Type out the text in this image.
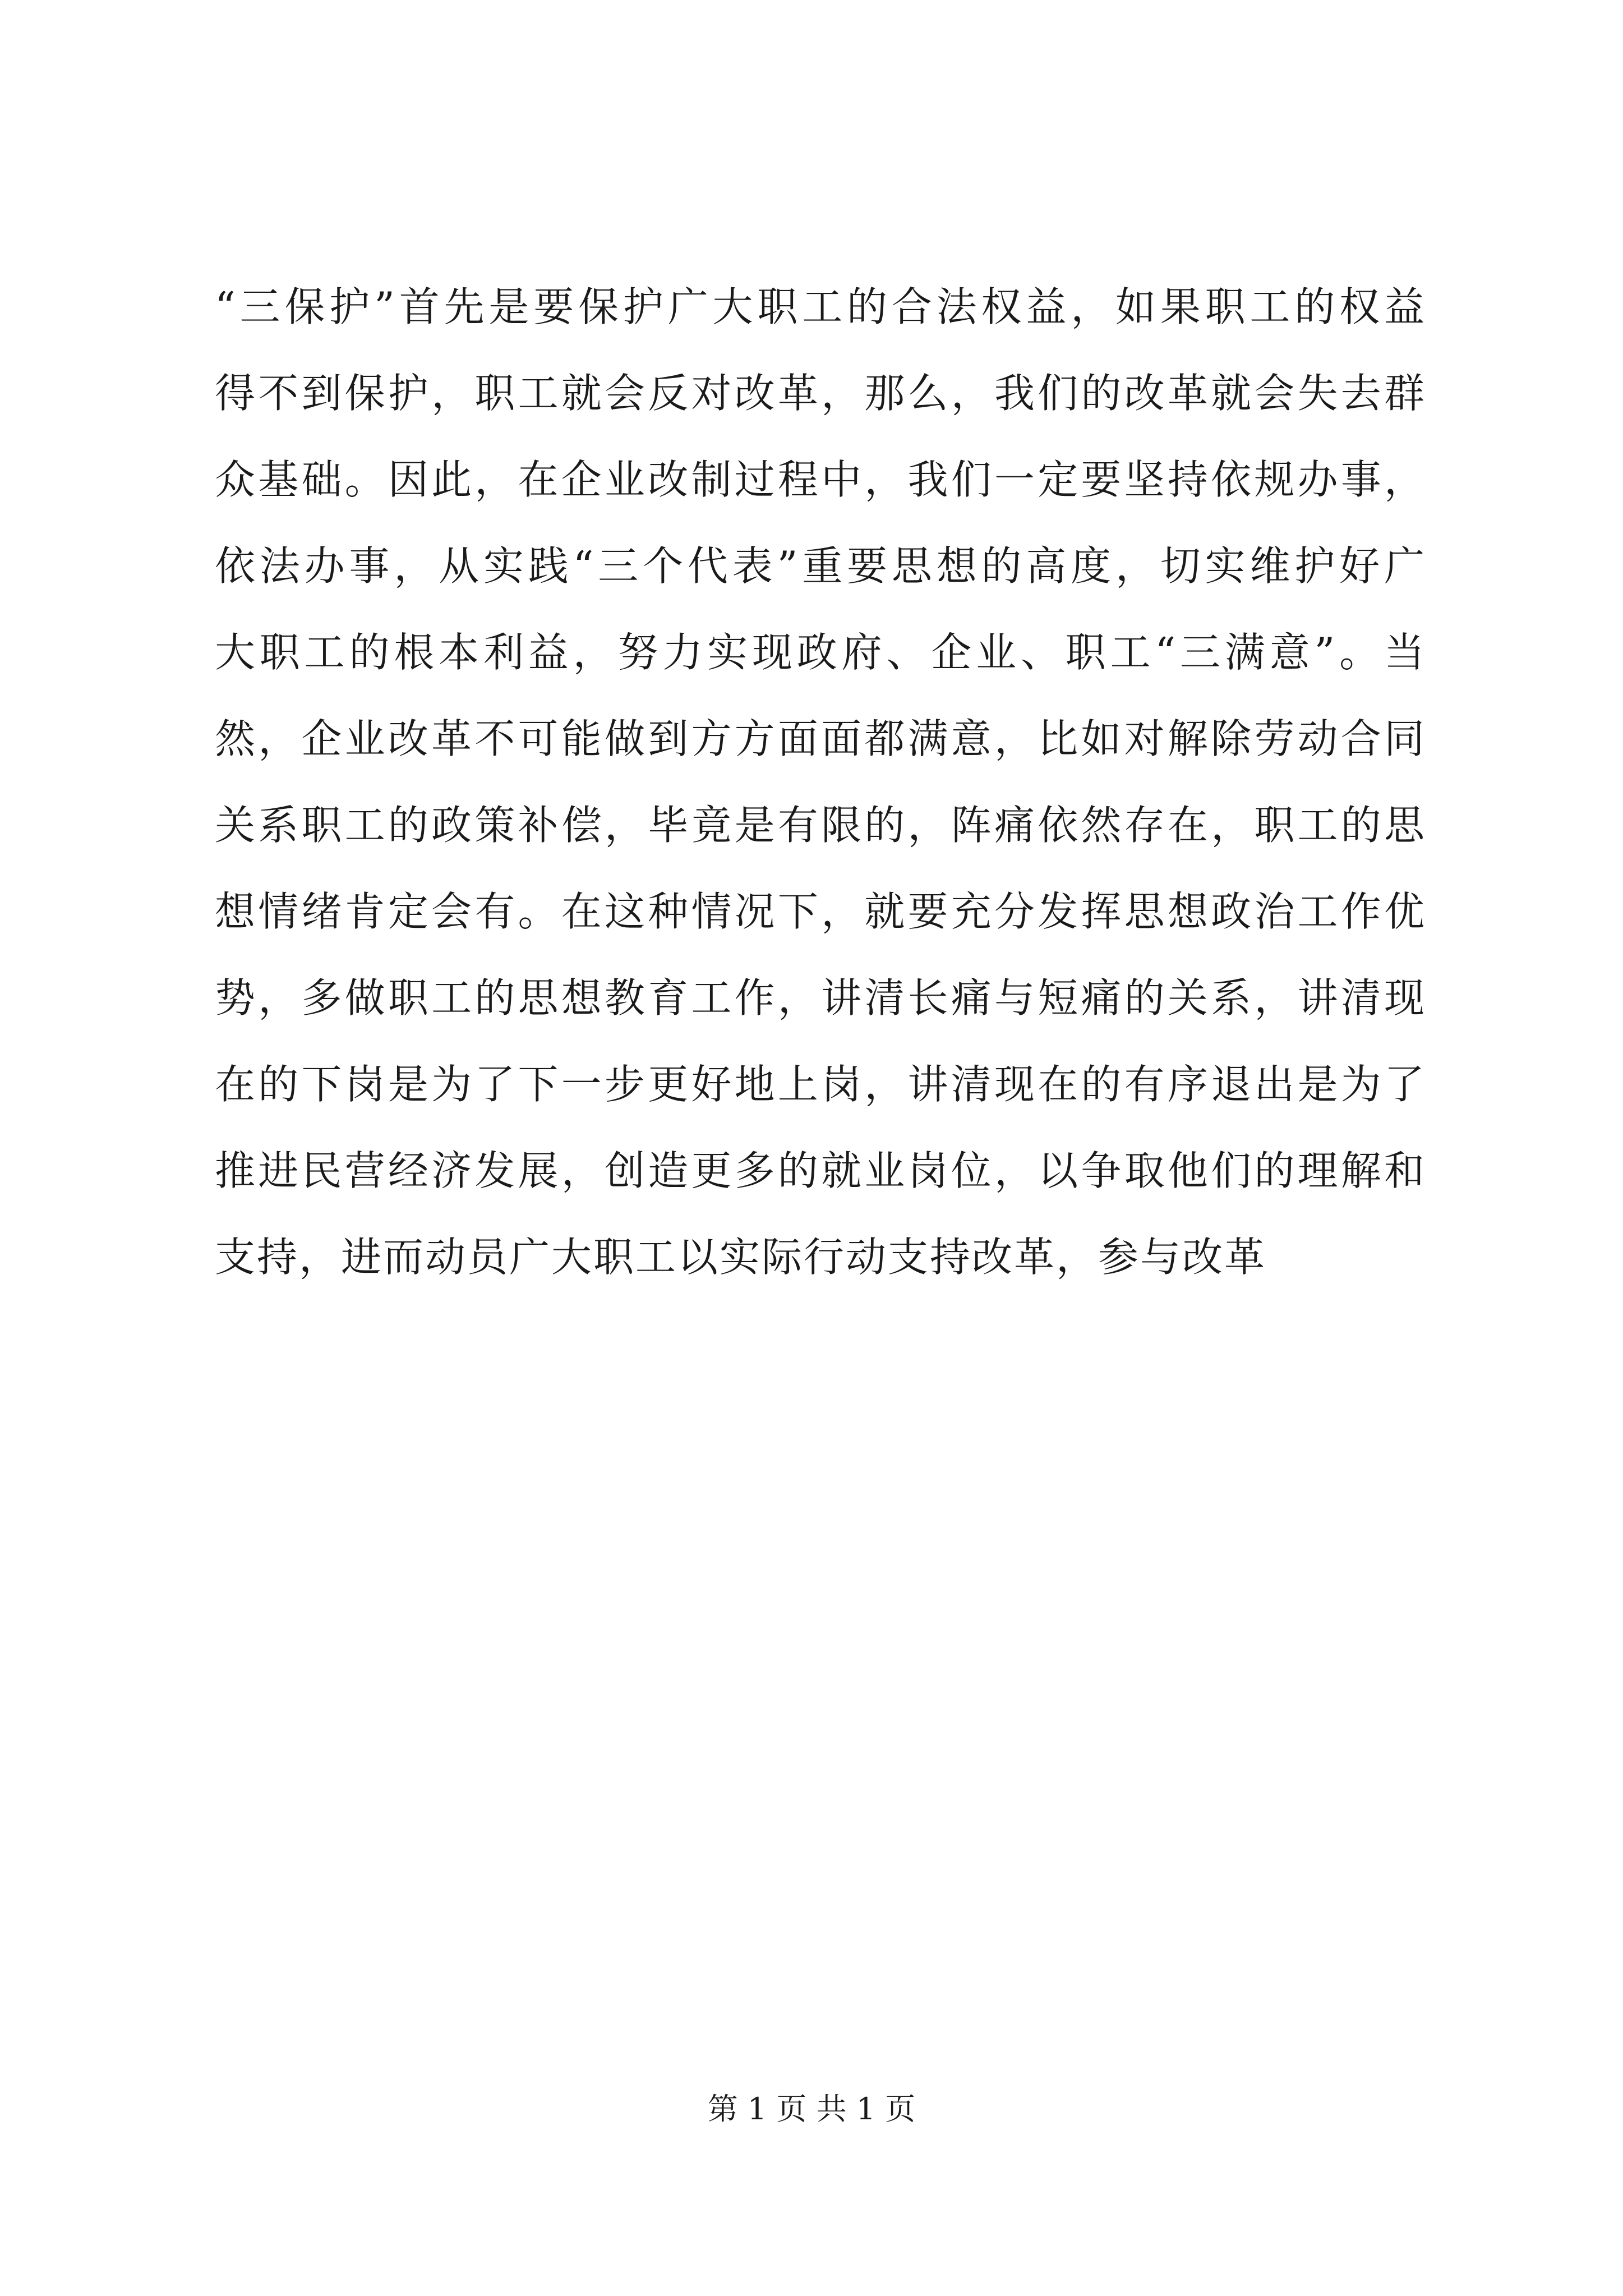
“三保护”首先是要保护广大职工的合法权益，如果职工的权益
得不到保护，职工就会反对改革，那么，我们的改革就会失去群
众基础。因此，在企业改制过程中，我们一定要坚持依规办事，
依法办事，从实践“三个代表”重要思想的高度，切实维护好广
大职工的根本利益，努力实现政府、企业、职工“三满意”。当
然，企业改革不可能做到方方面面都满意，比如对解除劳动合同
关系职工的政策补偿，毕竟是有限的，阵痛依然存在，职工的思
想情绪肯定会有。在这种情况下，就要充分发挥思想政治工作优
势，多做职工的思想教育工作，讲清长痛与短痛的关系，讲清现
在的下岗是为了下一步更好地上岗，讲清现在的有序退出是为了
推进民营经济发展，创造更多的就业岗位，以争取他们的理解和
支持，进而动员广大职工以实际行动支持改革，参与改革
第 1 页 共 1 页
